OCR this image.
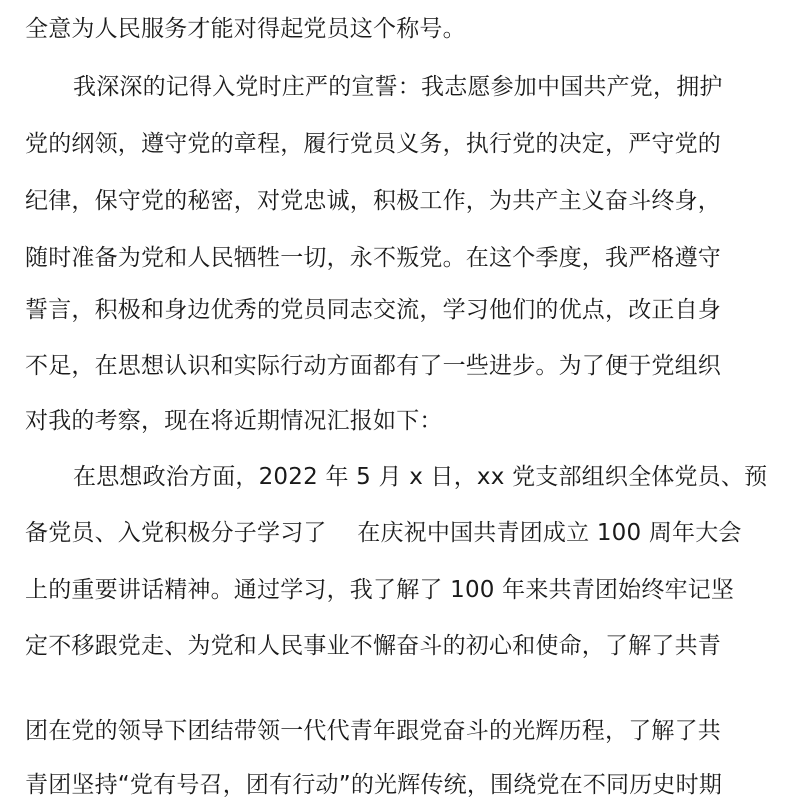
全意为人民服务才能对得起党员这个称号。
我深深的记得入党时庄严的宣誓：我志愿参加中国共产党，拥护
党的纲领，遵守党的章程，履行党员义务，执行党的决定，严守党的
纪律，保守党的秘密，对党忠诚，积极工作，为共产主义奋斗终身，
随时准备为党和人民牺牲一切，永不叛党。在这个季度，我严格遵守
誓言，积极和身边优秀的党员同志交流，学习他们的优点，改正自身
不足，在思想认识和实际行动方面都有了一些进步。为了便于党组织
对我的考察，现在将近期情况汇报如下：
在思想政治方面，2022 年 5 月 x 日，xx 党支部组织全体党员、预
备党员、入党积极分子学习了　 在庆祝中国共青团成立 100 周年大会
上的重要讲话精神。通过学习，我了解了 100 年来共青团始终牢记坚
定不移跟党走、为党和人民事业不懈奋斗的初心和使命，了解了共青
团在党的领导下团结带领一代代青年跟党奋斗的光辉历程，了解了共
青团坚持“党有号召，团有行动”的光辉传统，围绕党在不同历史时期
